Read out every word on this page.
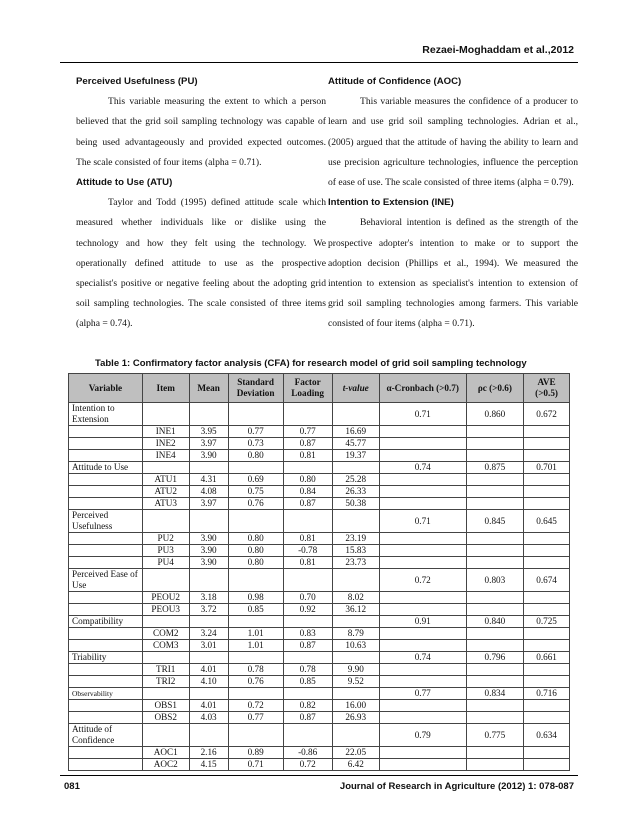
Rezaei-Moghaddam et al.,2012
Perceived Usefulness (PU)

This variable measuring the extent to which a person believed that the grid soil sampling technology was capable of being used advantageously and provided expected outcomes. The scale consisted of four items (alpha = 0.71).

Attitude to Use (ATU)

Taylor and Todd (1995) defined attitude scale which measured whether individuals like or dislike using the technology and how they felt using the technology. We operationally defined attitude to use as the prospective specialist's positive or negative feeling about the adopting grid soil sampling technologies. The scale consisted of three items (alpha = 0.74).

Attitude of Confidence (AOC)

This variable measures the confidence of a producer to learn and use grid soil sampling technologies. Adrian et al., (2005) argued that the attitude of having the ability to learn and use precision agriculture technologies, influence the perception of ease of use. The scale consisted of three items (alpha = 0.79).

Intention to Extension (INE)

Behavioral intention is defined as the strength of the prospective adopter's intention to make or to support the adoption decision (Phillips et al., 1994). We measured the intention to extension as specialist's intention to extension of grid soil sampling technologies among farmers. This variable consisted of four items (alpha = 0.71).

Table 1: Confirmatory factor analysis (CFA) for research model of grid soil sampling technology
Variable	Item	Mean	Standard Deviation	Factor Loading	t-value	α-Cronbach (>0.7)	ρc (>0.6)	AVE (>0.5)
Intention to Extension						0.71	0.860	0.672
	INE1	3.95	0.77	0.77	16.69			
	INE2	3.97	0.73	0.87	45.77			
	INE4	3.90	0.80	0.81	19.37			
Attitude to Use						0.74	0.875	0.701
	ATU1	4.31	0.69	0.80	25.28			
	ATU2	4.08	0.75	0.84	26.33			
	ATU3	3.97	0.76	0.87	50.38			
Perceived Usefulness						0.71	0.845	0.645
	PU2	3.90	0.80	0.81	23.19			
	PU3	3.90	0.80	-0.78	15.83			
	PU4	3.90	0.80	0.81	23.73			
Perceived Ease of Use						0.72	0.803	0.674
	PEOU2	3.18	0.98	0.70	8.02			
	PEOU3	3.72	0.85	0.92	36.12			
Compatibility						0.91	0.840	0.725
	COM2	3.24	1.01	0.83	8.79			
	COM3	3.01	1.01	0.87	10.63			
Triability						0.74	0.796	0.661
	TRI1	4.01	0.78	0.78	9.90			
	TRI2	4.10	0.76	0.85	9.52			
Observability						0.77	0.834	0.716
	OBS1	4.01	0.72	0.82	16.00			
	OBS2	4.03	0.77	0.87	26.93			
Attitude of Confidence						0.79	0.775	0.634
	AOC1	2.16	0.89	-0.86	22.05			
	AOC2	4.15	0.71	0.72	6.42			
081	Journal of Research in Agriculture (2012) 1: 078-087
